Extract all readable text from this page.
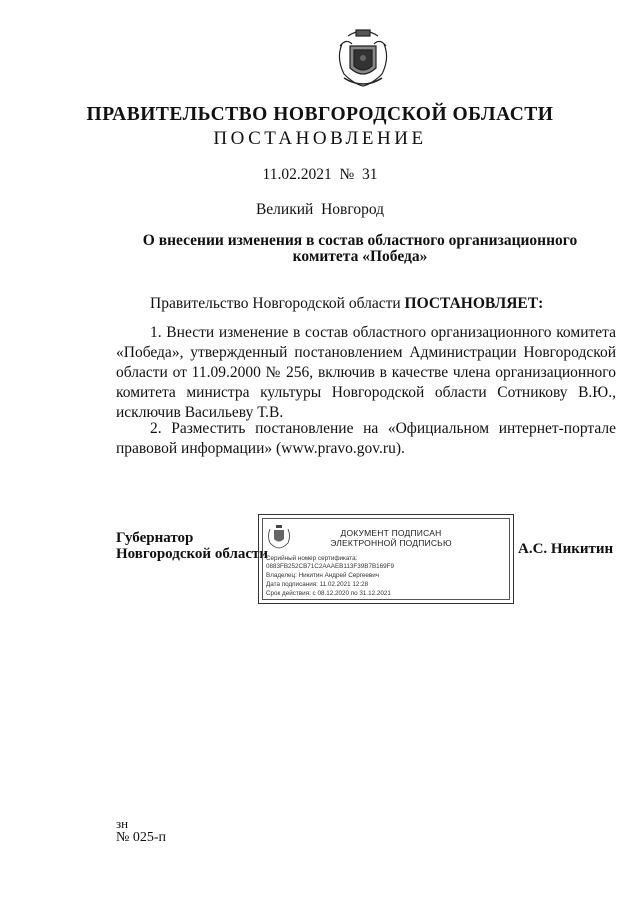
ПРАВИТЕЛЬСТВО НОВГОРОДСКОЙ ОБЛАСТИ
ПОСТАНОВЛЕНИЕ
11.02.2021  №  31
Великий  Новгород
О внесении изменения в состав областного организационного
комитета «Победа»
Правительство Новгородской области ПОСТАНОВЛЯЕТ:
1. Внести изменение в состав областного организационного комитета «Победа», утвержденный постановлением Администрации Новгородской области от 11.09.2000 № 256, включив в качестве члена организационного комитета министра культуры Новгородской области Сотникову В.Ю., исключив Васильеву Т.В.
2. Разместить постановление на «Официальном интернет-портале правовой информации» (www.pravo.gov.ru).
Губернатор
Новгородской области
ДОКУМЕНТ ПОДПИСАН
ЭЛЕКТРОННОЙ ПОДПИСЬЮ
Серийный номер сертификата:
0883FB252CB71C2AAAEB113F39B7B169F9
Владелец: Никитин Андрей Сергеевич
Дата подписания: 11.02.2021 12:28
Срок действия: с 08.12.2020 по 31.12.2021
А.С. Никитин
зн
№ 025-п
